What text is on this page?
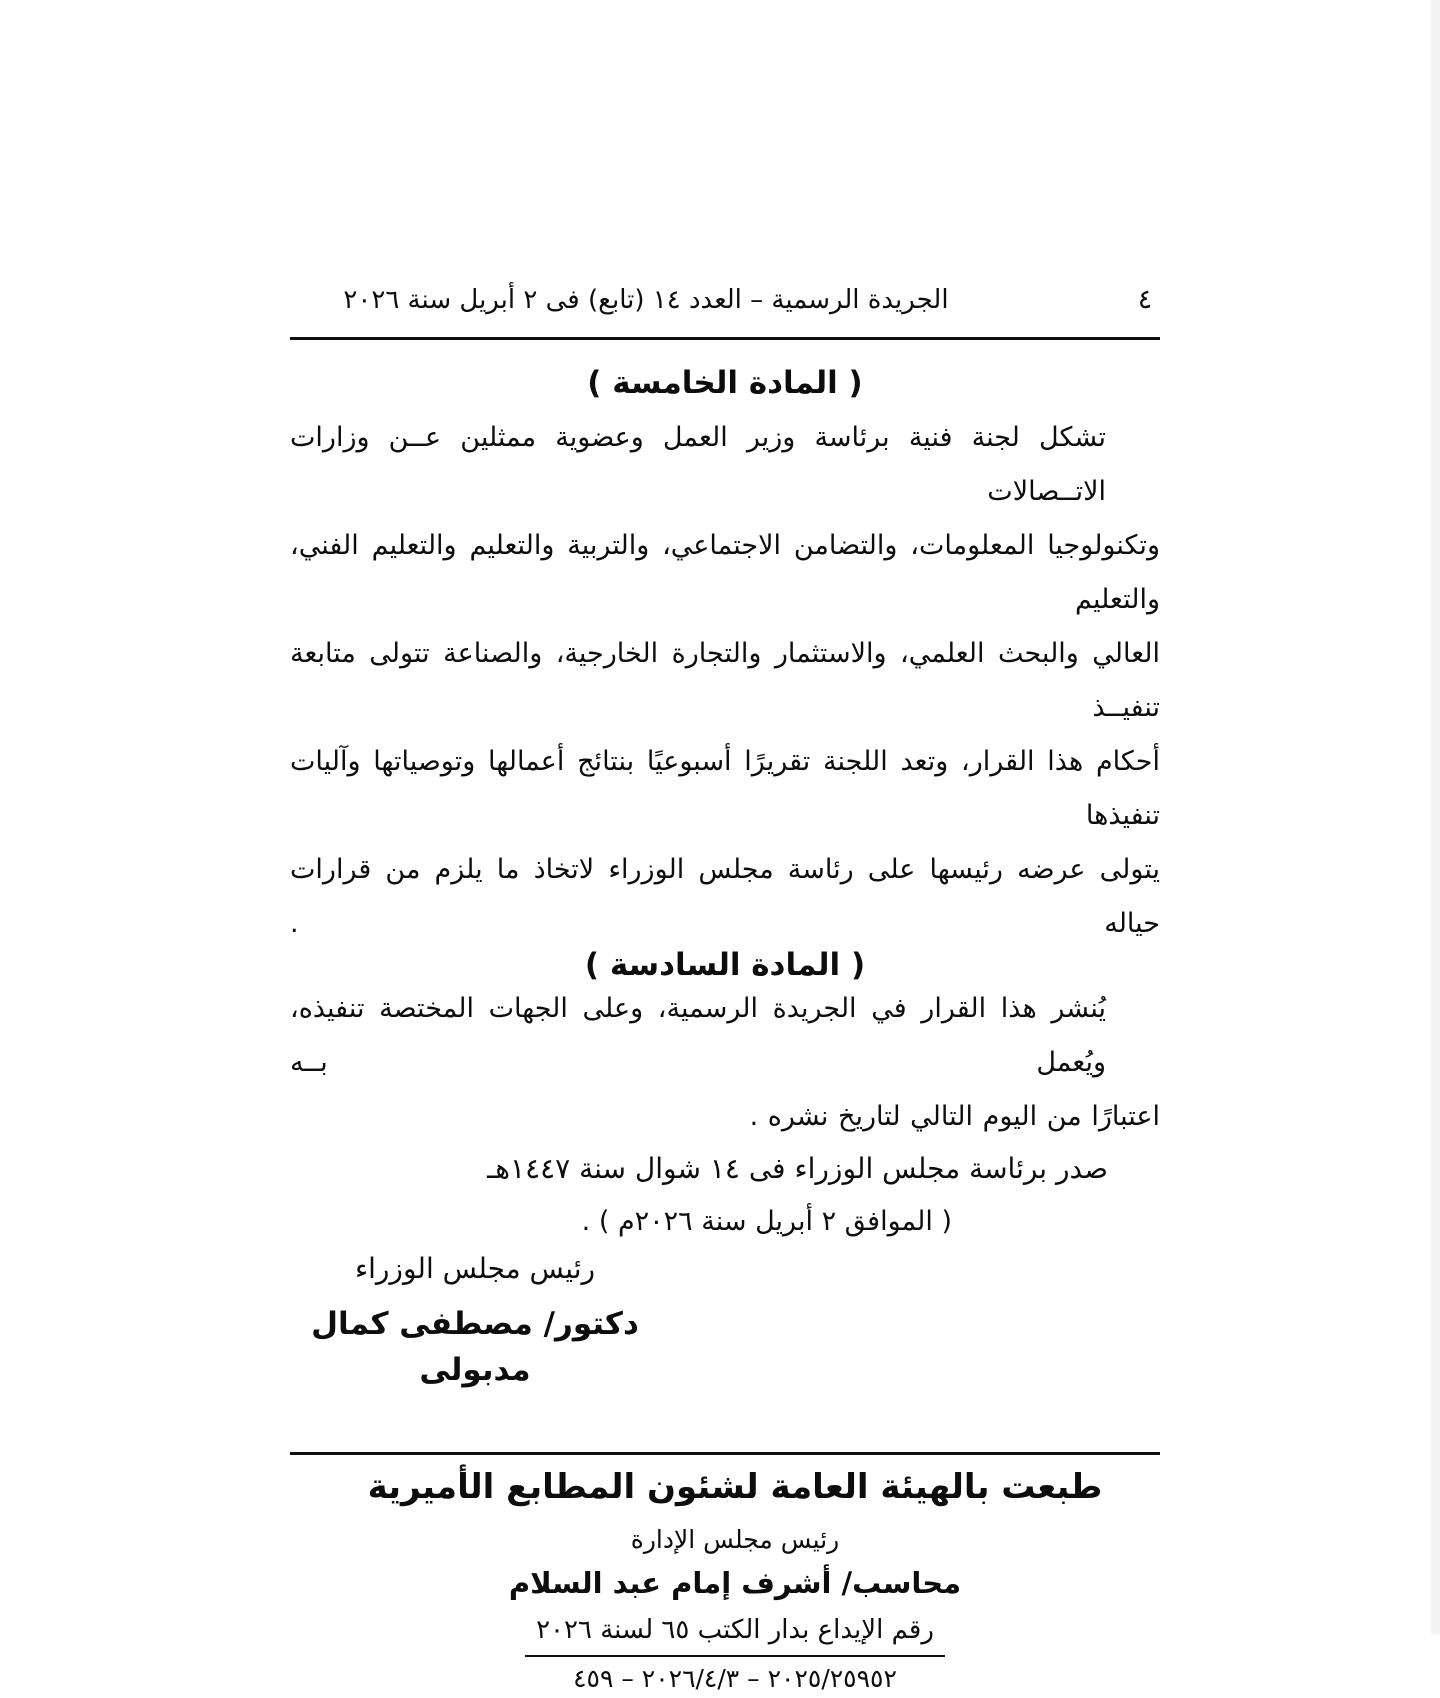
٤
الجريدة الرسمية – العدد ١٤ (تابع) فى ٢ أبريل سنة ٢٠٢٦
( المادة الخامسة )
تشكل لجنة فنية برئاسة وزير العمل وعضوية ممثلين عــن وزارات الاتــصالات
وتكنولوجيا المعلومات، والتضامن الاجتماعي، والتربية والتعليم والتعليم الفني، والتعليم
العالي والبحث العلمي، والاستثمار والتجارة الخارجية، والصناعة تتولى متابعة تنفيــذ
أحكام هذا القرار، وتعد اللجنة تقريرًا أسبوعيًا بنتائج أعمالها وتوصياتها وآليات تنفيذها
يتولى عرضه رئيسها على رئاسة مجلس الوزراء لاتخاذ ما يلزم من قرارات حياله .
( المادة السادسة )
يُنشر هذا القرار في الجريدة الرسمية، وعلى الجهات المختصة تنفيذه، ويُعمل بــه
اعتبارًا من اليوم التالي لتاريخ نشره .
صدر برئاسة مجلس الوزراء فى ١٤ شوال سنة ١٤٤٧هـ
( الموافق ٢ أبريل سنة ٢٠٢٦م ) .
رئيس مجلس الوزراء
دكتور/ مصطفى كمال مدبولى
طبعت بالهيئة العامة لشئون المطابع الأميرية
رئيس مجلس الإدارة
محاسب/ أشرف إمام عبد السلام
رقم الإيداع بدار الكتب ٦٥ لسنة ٢٠٢٦
٢٠٢٥/٢٥٩٥٢ – ٢٠٢٦/٤/٣ – ٤٥٩
